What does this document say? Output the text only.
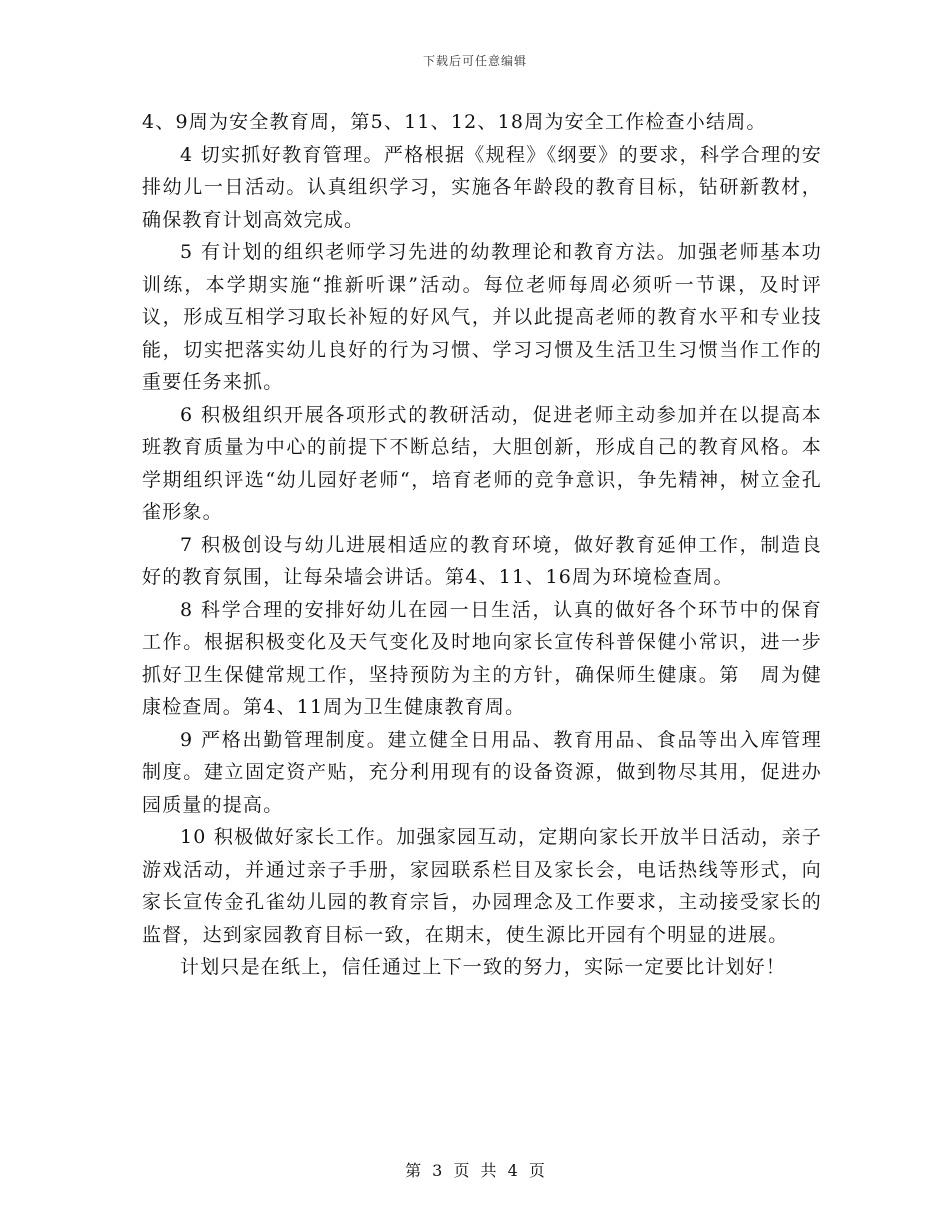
下载后可任意编辑

4、9周为安全教育周，第5、11、12、18周为安全工作检查小结周。

4 切实抓好教育管理。严格根据《规程》《纲要》的要求，科学合理的安排幼儿一日活动。认真组织学习，实施各年龄段的教育目标，钻研新教材，确保教育计划高效完成。

5 有计划的组织老师学习先进的幼教理论和教育方法。加强老师基本功训练，本学期实施“推新听课”活动。每位老师每周必须听一节课，及时评议，形成互相学习取长补短的好风气，并以此提高老师的教育水平和专业技能，切实把落实幼儿良好的行为习惯、学习习惯及生活卫生习惯当作工作的重要任务来抓。

6 积极组织开展各项形式的教研活动，促进老师主动参加并在以提高本班教育质量为中心的前提下不断总结，大胆创新，形成自己的教育风格。本学期组织评选“幼儿园好老师“，培育老师的竞争意识，争先精神，树立金孔雀形象。

7 积极创设与幼儿进展相适应的教育环境，做好教育延伸工作，制造良好的教育氛围，让每朵墙会讲话。第4、11、16周为环境检查周。

8 科学合理的安排好幼儿在园一日生活，认真的做好各个环节中的保育工作。根据积极变化及天气变化及时地向家长宣传科普保健小常识，进一步抓好卫生保健常规工作，坚持预防为主的方针，确保师生健康。第　周为健康检查周。第4、11周为卫生健康教育周。

9 严格出勤管理制度。建立健全日用品、教育用品、食品等出入库管理制度。建立固定资产贴，充分利用现有的设备资源，做到物尽其用，促进办园质量的提高。

10 积极做好家长工作。加强家园互动，定期向家长开放半日活动，亲子游戏活动，并通过亲子手册，家园联系栏目及家长会，电话热线等形式，向家长宣传金孔雀幼儿园的教育宗旨，办园理念及工作要求，主动接受家长的监督，达到家园教育目标一致，在期末，使生源比开园有个明显的进展。

计划只是在纸上，信任通过上下一致的努力，实际一定要比计划好！

第 3 页 共 4 页
